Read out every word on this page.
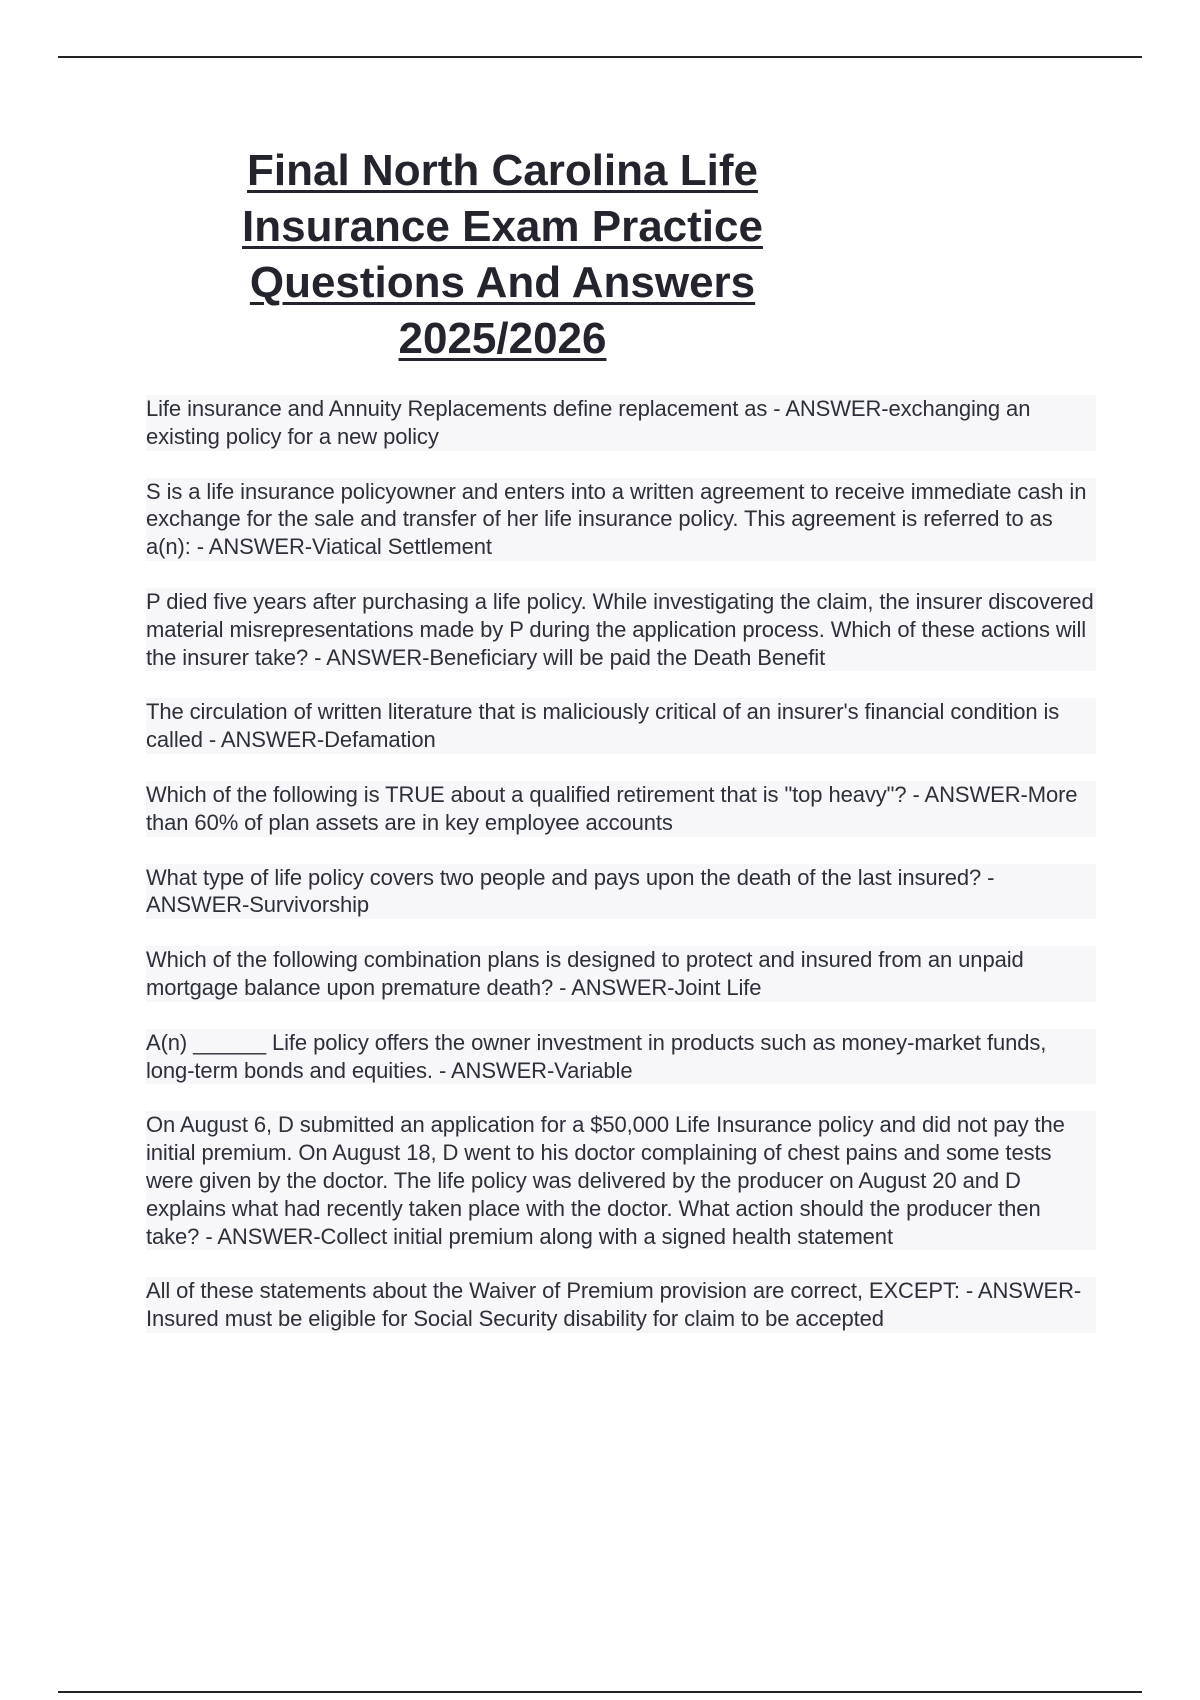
Final North Carolina Life
Insurance Exam Practice
Questions And Answers
2025/2026
Life insurance and Annuity Replacements define replacement as - ANSWER-exchanging an existing policy for a new policy
S is a life insurance policyowner and enters into a written agreement to receive immediate cash in exchange for the sale and transfer of her life insurance policy. This agreement is referred to as a(n): - ANSWER-Viatical Settlement
P died five years after purchasing a life policy. While investigating the claim, the insurer discovered material misrepresentations made by P during the application process. Which of these actions will the insurer take? - ANSWER-Beneficiary will be paid the Death Benefit
The circulation of written literature that is maliciously critical of an insurer's financial condition is called - ANSWER-Defamation
Which of the following is TRUE about a qualified retirement that is "top heavy"? - ANSWER-More than 60% of plan assets are in key employee accounts
What type of life policy covers two people and pays upon the death of the last insured? - ANSWER-Survivorship
Which of the following combination plans is designed to protect and insured from an unpaid mortgage balance upon premature death? - ANSWER-Joint Life
A(n) ______ Life policy offers the owner investment in products such as money-market funds, long-term bonds and equities. - ANSWER-Variable
On August 6, D submitted an application for a $50,000 Life Insurance policy and did not pay the initial premium. On August 18, D went to his doctor complaining of chest pains and some tests were given by the doctor. The life policy was delivered by the producer on August 20 and D explains what had recently taken place with the doctor. What action should the producer then take? - ANSWER-Collect initial premium along with a signed health statement
All of these statements about the Waiver of Premium provision are correct, EXCEPT: - ANSWER-Insured must be eligible for Social Security disability for claim to be accepted
